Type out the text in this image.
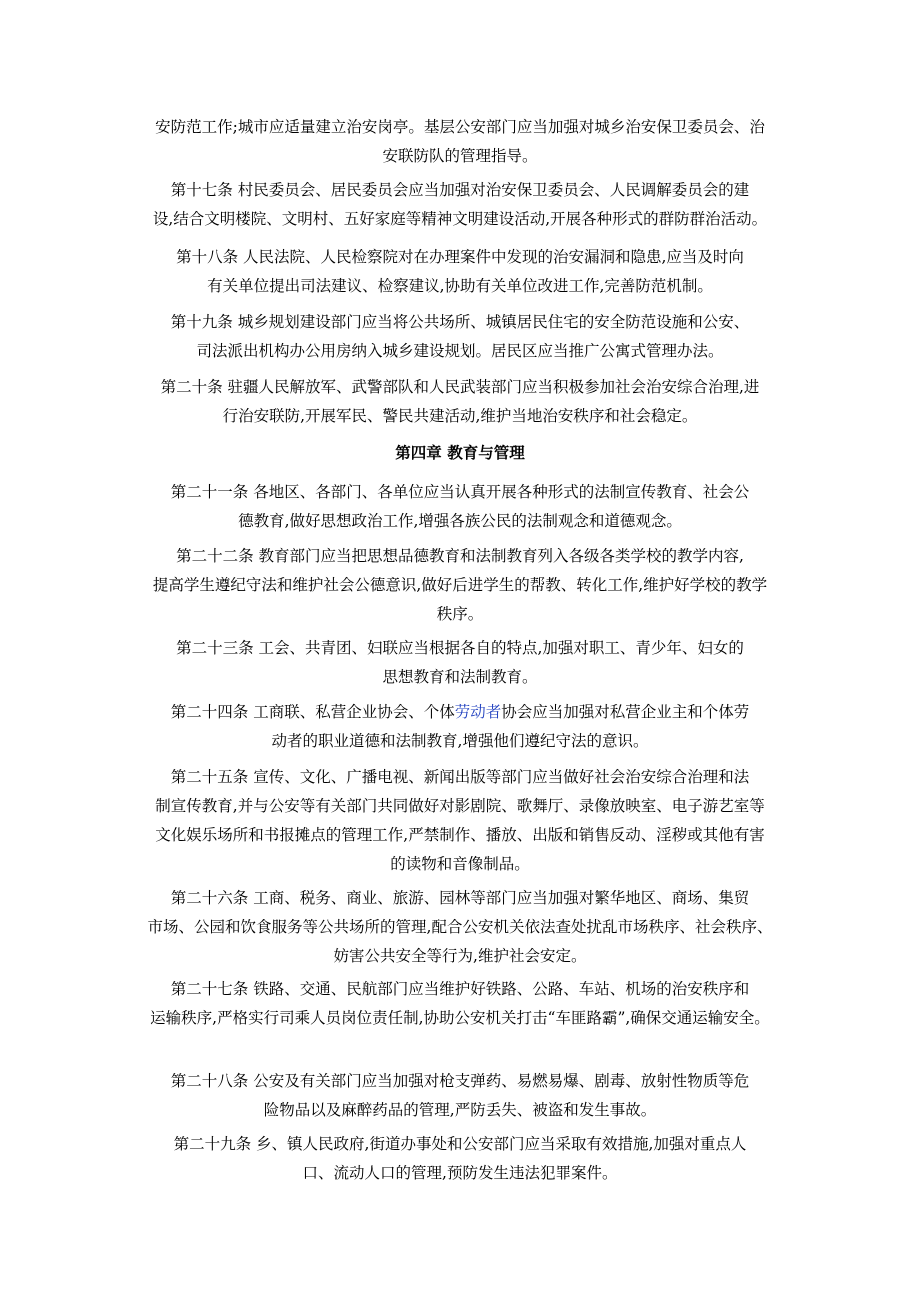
安防范工作;城市应适量建立治安岗亭。基层公安部门应当加强对城乡治安保卫委员会、治
安联防队的管理指导。

第十七条 村民委员会、居民委员会应当加强对治安保卫委员会、人民调解委员会的建
设,结合文明楼院、文明村、五好家庭等精神文明建设活动,开展各种形式的群防群治活动。

第十八条 人民法院、人民检察院对在办理案件中发现的治安漏洞和隐患,应当及时向
有关单位提出司法建议、检察建议,协助有关单位改进工作,完善防范机制。

第十九条 城乡规划建设部门应当将公共场所、城镇居民住宅的安全防范设施和公安、
司法派出机构办公用房纳入城乡建设规划。居民区应当推广公寓式管理办法。

第二十条 驻疆人民解放军、武警部队和人民武装部门应当积极参加社会治安综合治理,进
行治安联防,开展军民、警民共建活动,维护当地治安秩序和社会稳定。

第四章 教育与管理

第二十一条 各地区、各部门、各单位应当认真开展各种形式的法制宣传教育、社会公
德教育,做好思想政治工作,增强各族公民的法制观念和道德观念。

第二十二条 教育部门应当把思想品德教育和法制教育列入各级各类学校的教学内容,
提高学生遵纪守法和维护社会公德意识,做好后进学生的帮教、转化工作,维护好学校的教学
秩序。

第二十三条 工会、共青团、妇联应当根据各自的特点,加强对职工、青少年、妇女的
思想教育和法制教育。

第二十四条 工商联、私营企业协会、个体劳动者协会应当加强对私营企业主和个体劳
动者的职业道德和法制教育,增强他们遵纪守法的意识。

第二十五条 宣传、文化、广播电视、新闻出版等部门应当做好社会治安综合治理和法
制宣传教育,并与公安等有关部门共同做好对影剧院、歌舞厅、录像放映室、电子游艺室等
文化娱乐场所和书报摊点的管理工作,严禁制作、播放、出版和销售反动、淫秽或其他有害
的读物和音像制品。

第二十六条 工商、税务、商业、旅游、园林等部门应当加强对繁华地区、商场、集贸
市场、公园和饮食服务等公共场所的管理,配合公安机关依法查处扰乱市场秩序、社会秩序、
妨害公共安全等行为,维护社会安定。

第二十七条 铁路、交通、民航部门应当维护好铁路、公路、车站、机场的治安秩序和
运输秩序,严格实行司乘人员岗位责任制,协助公安机关打击“车匪路霸”,确保交通运输安全。

第二十八条 公安及有关部门应当加强对枪支弹药、易燃易爆、剧毒、放射性物质等危
险物品以及麻醉药品的管理,严防丢失、被盗和发生事故。

第二十九条 乡、镇人民政府,街道办事处和公安部门应当采取有效措施,加强对重点人
口、流动人口的管理,预防发生违法犯罪案件。
